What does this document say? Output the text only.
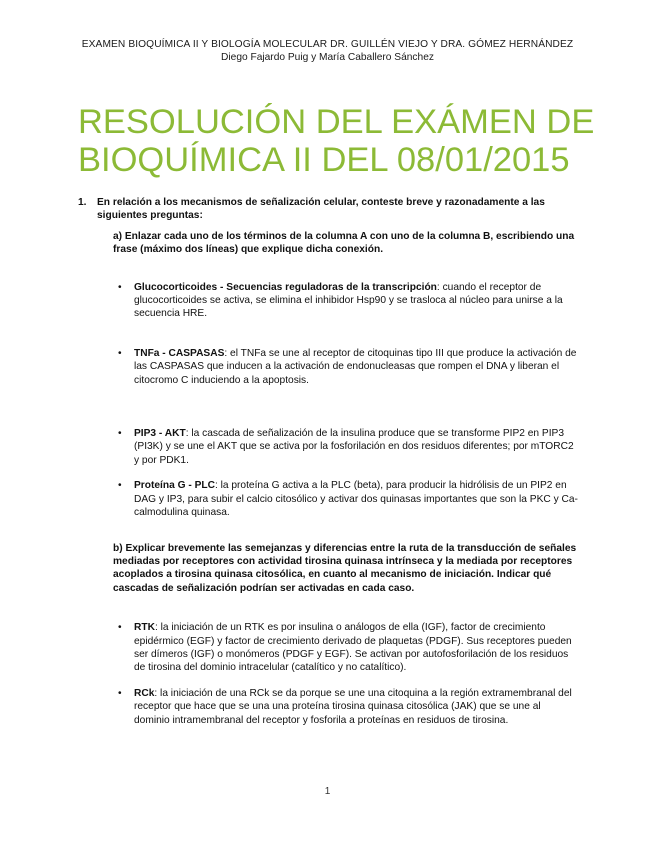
EXAMEN BIOQUÍMICA II Y BIOLOGÍA MOLECULAR DR. GUILLÉN VIEJO Y DRA. GÓMEZ HERNÁNDEZ
Diego Fajardo Puig y María Caballero Sánchez
RESOLUCIÓN DEL EXÁMEN DE BIOQUÍMICA II DEL 08/01/2015
1. En relación a los mecanismos de señalización celular, conteste breve y razonadamente a las siguientes preguntas:
a) Enlazar cada uno de los términos de la columna A con uno de la columna B, escribiendo una frase (máximo dos líneas) que explique dicha conexión.
• Glucocorticoides - Secuencias reguladoras de la transcripción: cuando el receptor de glucocorticoides se activa, se elimina el inhibidor Hsp90 y se trasloca al núcleo para unirse a la secuencia HRE.
• TNFa - CASPASAS: el TNFa se une al receptor de citoquinas tipo III que produce la activación de las CASPASAS que inducen a la activación de endonucleasas que rompen el DNA y liberan el citocromo C induciendo a la apoptosis.
• PIP3 - AKT: la cascada de señalización de la insulina produce que se transforme PIP2 en PIP3 (PI3K) y se une el AKT que se activa por la fosforilación en dos residuos diferentes; por mTORC2 y por PDK1.
• Proteína G - PLC: la proteína G activa a la PLC (beta), para producir la hidrólisis de un PIP2 en DAG y IP3, para subir el calcio citosólico y activar dos quinasas importantes que son la PKC y Ca-calmodulina quinasa.
b) Explicar brevemente las semejanzas y diferencias entre la ruta de la transducción de señales mediadas por receptores con actividad tirosina quinasa intrínseca y la mediada por receptores acoplados a tirosina quinasa citosólica, en cuanto al mecanismo de iniciación. Indicar qué cascadas de señalización podrían ser activadas en cada caso.
• RTK: la iniciación de un RTK es por insulina o análogos de ella (IGF), factor de crecimiento epidérmico (EGF) y factor de crecimiento derivado de plaquetas (PDGF). Sus receptores pueden ser dímeros (IGF) o monómeros (PDGF y EGF). Se activan por autofosforilación de los residuos de tirosina del dominio intracelular (catalítico y no catalítico).
• RCk: la iniciación de una RCk se da porque se une una citoquina a la región extramembranal del receptor que hace que se una una proteína tirosina quinasa citosólica (JAK) que se une al dominio intramembranal del receptor y fosforila a proteínas en residuos de tirosina.
1
